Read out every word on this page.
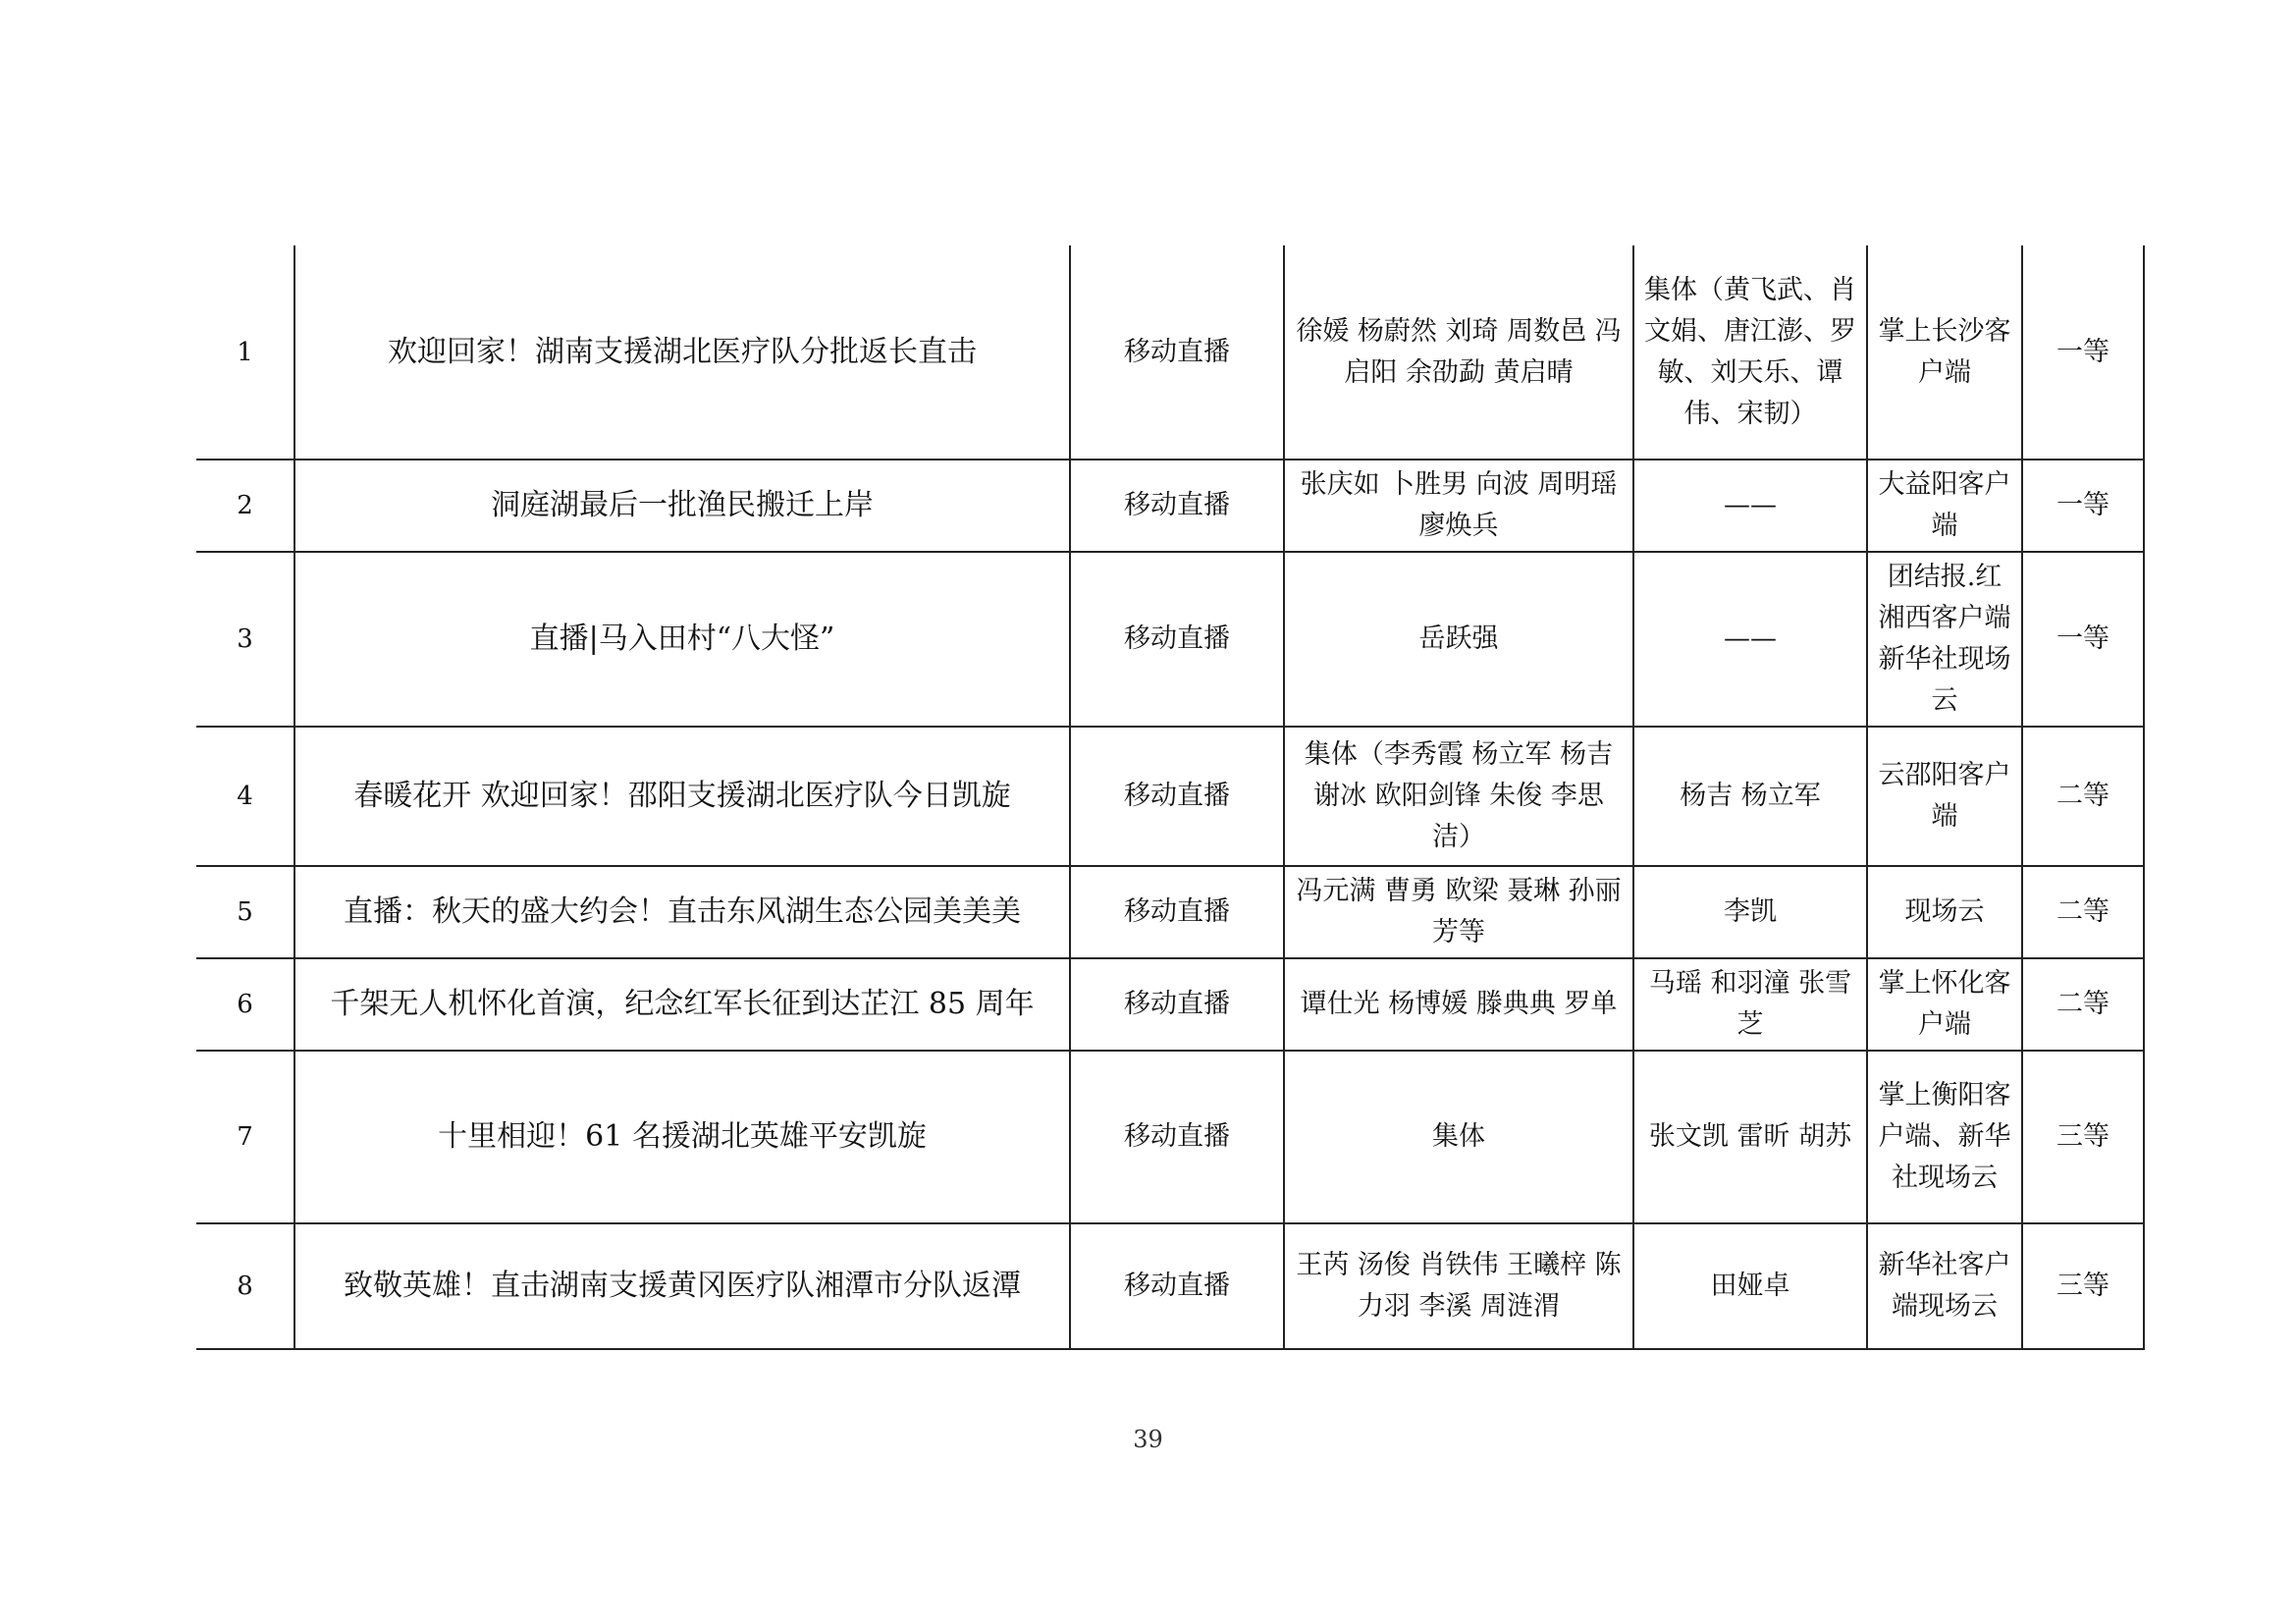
1	欢迎回家！湖南支援湖北医疗队分批返长直击	移动直播	徐媛 杨蔚然 刘琦 周数邑 冯启阳 余劭勐 黄启晴	集体（黄飞武、肖文娟、唐江澎、罗敏、刘天乐、谭伟、宋韧）	掌上长沙客户端	一等
2	洞庭湖最后一批渔民搬迁上岸	移动直播	张庆如 卜胜男 向波 周明瑶 廖焕兵	——	大益阳客户端	一等
3	直播|马入田村“八大怪”	移动直播	岳跃强	——	团结报.红湘西客户端 新华社现场云	一等
4	春暖花开 欢迎回家！邵阳支援湖北医疗队今日凯旋	移动直播	集体（李秀霞 杨立军 杨吉 谢冰 欧阳剑锋 朱俊 李思洁）	杨吉 杨立军	云邵阳客户端	二等
5	直播：秋天的盛大约会！直击东风湖生态公园美美美	移动直播	冯元满 曹勇 欧梁 聂琳 孙丽芳等	李凯	现场云	二等
6	千架无人机怀化首演，纪念红军长征到达芷江 85 周年	移动直播	谭仕光 杨博媛 滕典典 罗单	马瑶 和羽潼 张雪芝	掌上怀化客户端	二等
7	十里相迎！61 名援湖北英雄平安凯旋	移动直播	集体	张文凯 雷昕 胡苏	掌上衡阳客户端、新华社现场云	三等
8	致敬英雄！直击湖南支援黄冈医疗队湘潭市分队返潭	移动直播	王芮 汤俊 肖铁伟 王曦梓 陈力羽 李溪 周涟渭	田娅卓	新华社客户端现场云	三等
39
